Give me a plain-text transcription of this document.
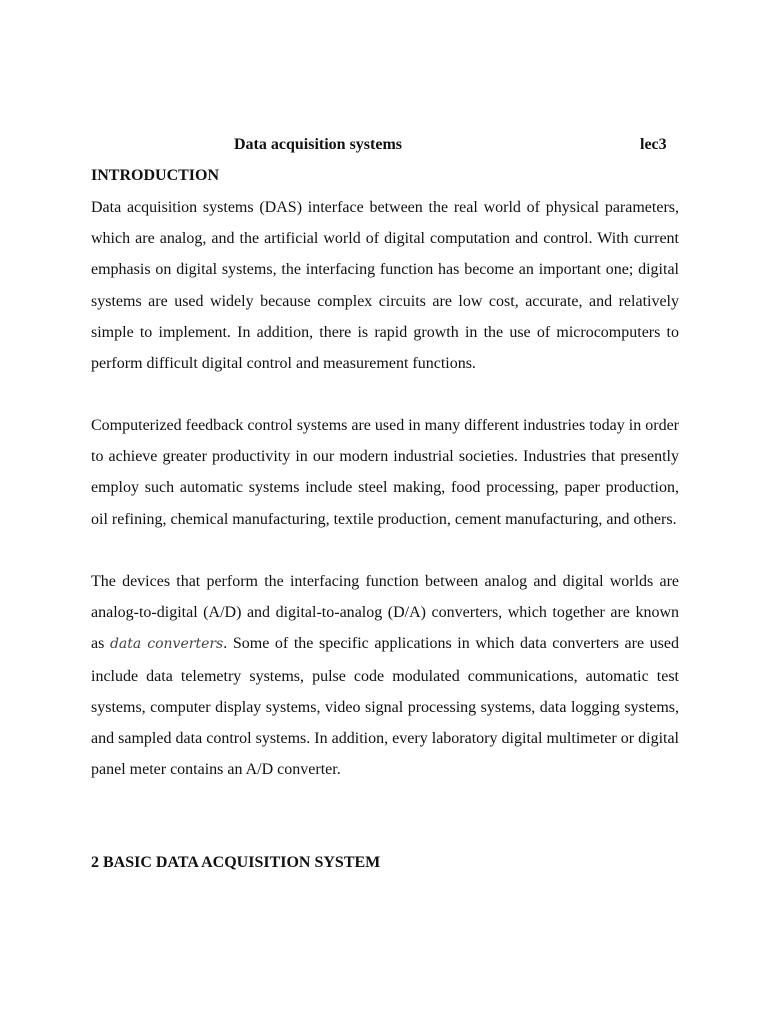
Data acquisition systems	lec3
INTRODUCTION

Data acquisition systems (DAS) interface between the real world of physical parameters, which are analog, and the artificial world of digital computation and control. With current emphasis on digital systems, the interfacing function has become an important one; digital systems are used widely because complex circuits are low cost, accurate, and relatively simple to implement. In addition, there is rapid growth in the use of microcomputers to perform difficult digital control and measurement functions.

Computerized feedback control systems are used in many different industries today in order to achieve greater productivity in our modern industrial societies. Industries that presently employ such automatic systems include steel making, food processing, paper production, oil refining, chemical manufacturing, textile production, cement manufacturing, and others.

The devices that perform the interfacing function between analog and digital worlds are analog-to-digital (A/D) and digital-to-analog (D/A) converters, which together are known as data converters. Some of the specific applications in which data converters are used include data telemetry systems, pulse code modulated communications, automatic test systems, computer display systems, video signal processing systems, data logging systems, and sampled data control systems. In addition, every laboratory digital multimeter or digital panel meter contains an A/D converter.

2 BASIC DATA ACQUISITION SYSTEM
